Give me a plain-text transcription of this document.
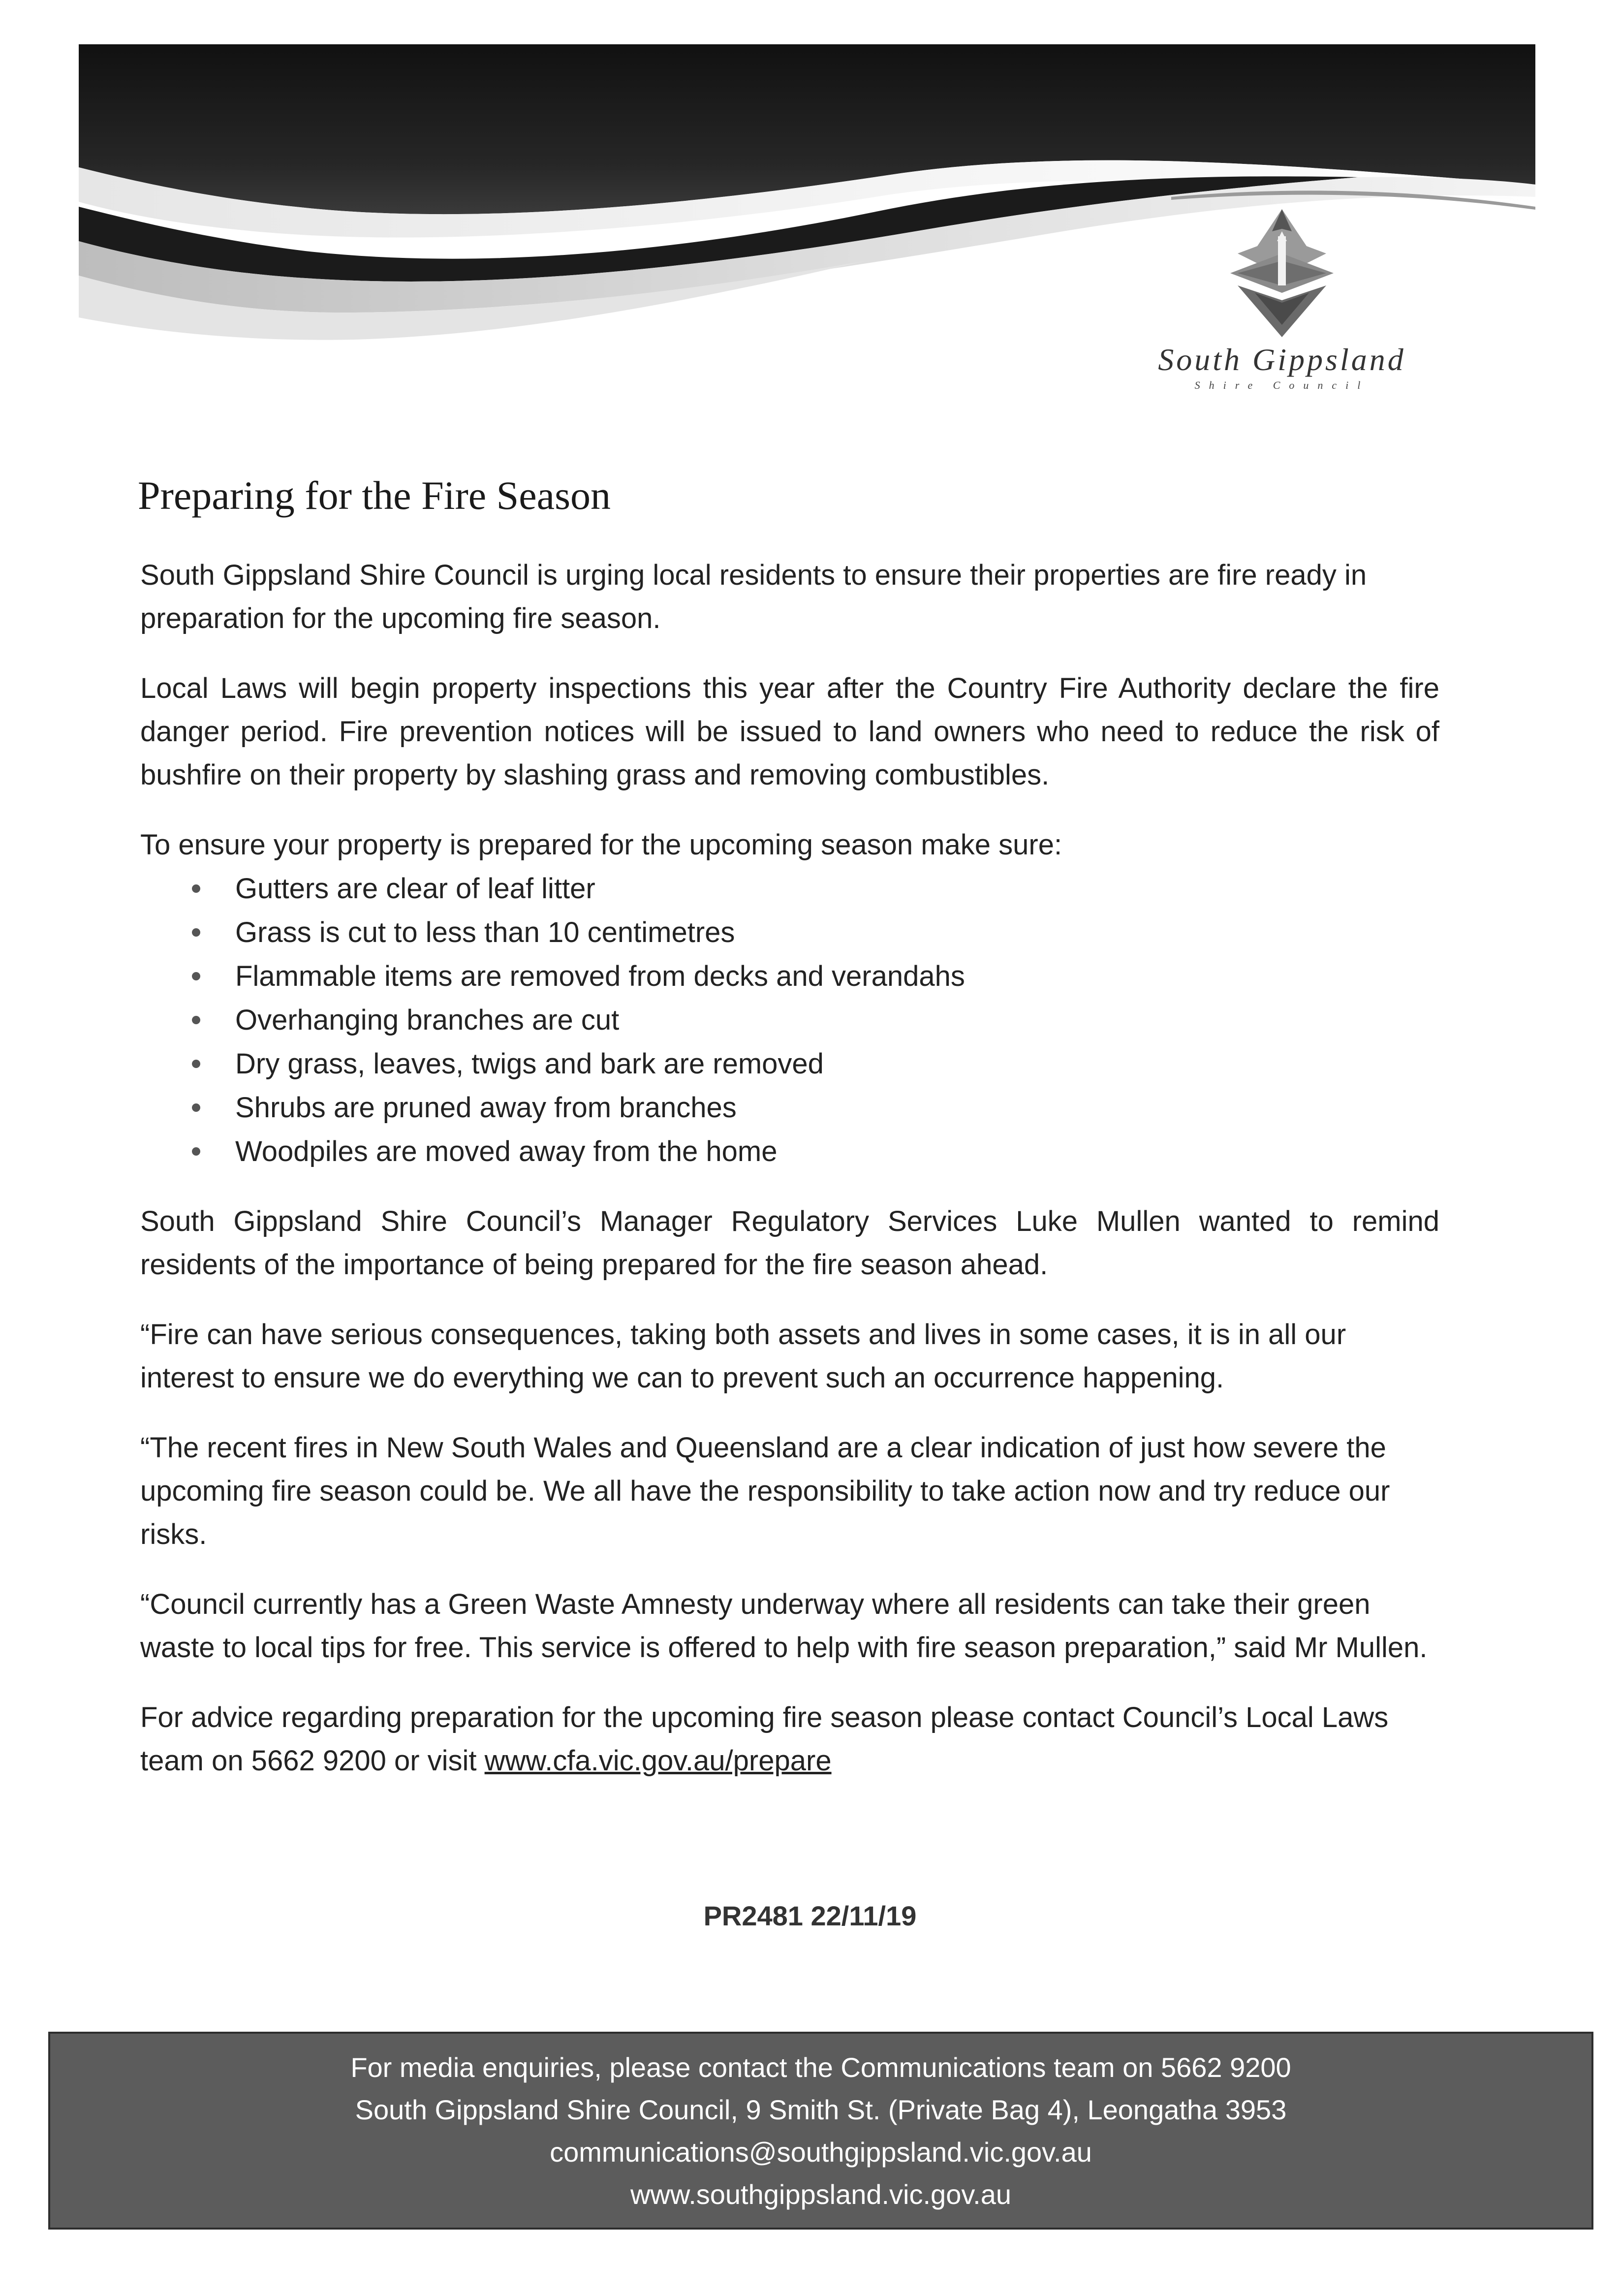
South Gippsland
Shire Council
Preparing for the Fire Season

South Gippsland Shire Council is urging local residents to ensure their properties are fire ready in preparation for the upcoming fire season.

Local Laws will begin property inspections this year after the Country Fire Authority declare the fire danger period. Fire prevention notices will be issued to land owners who need to reduce the risk of bushfire on their property by slashing grass and removing combustibles.

To ensure your property is prepared for the upcoming season make sure:

Gutters are clear of leaf litter
Grass is cut to less than 10 centimetres
Flammable items are removed from decks and verandahs
Overhanging branches are cut
Dry grass, leaves, twigs and bark are removed
Shrubs are pruned away from branches
Woodpiles are moved away from the home

South Gippsland Shire Council’s Manager Regulatory Services Luke Mullen wanted to remind residents of the importance of being prepared for the fire season ahead.

“Fire can have serious consequences, taking both assets and lives in some cases, it is in all our interest to ensure we do everything we can to prevent such an occurrence happening.

“The recent fires in New South Wales and Queensland are a clear indication of just how severe the upcoming fire season could be. We all have the responsibility to take action now and try reduce our risks.

“Council currently has a Green Waste Amnesty underway where all residents can take their green waste to local tips for free. This service is offered to help with fire season preparation,” said Mr Mullen.

For advice regarding preparation for the upcoming fire season please contact Council’s Local Laws team on 5662 9200 or visit www.cfa.vic.gov.au/prepare

PR2481 22/11/19
For media enquiries, please contact the Communications team on 5662 9200
South Gippsland Shire Council, 9 Smith St. (Private Bag 4), Leongatha 3953
communications@southgippsland.vic.gov.au
www.southgippsland.vic.gov.au
